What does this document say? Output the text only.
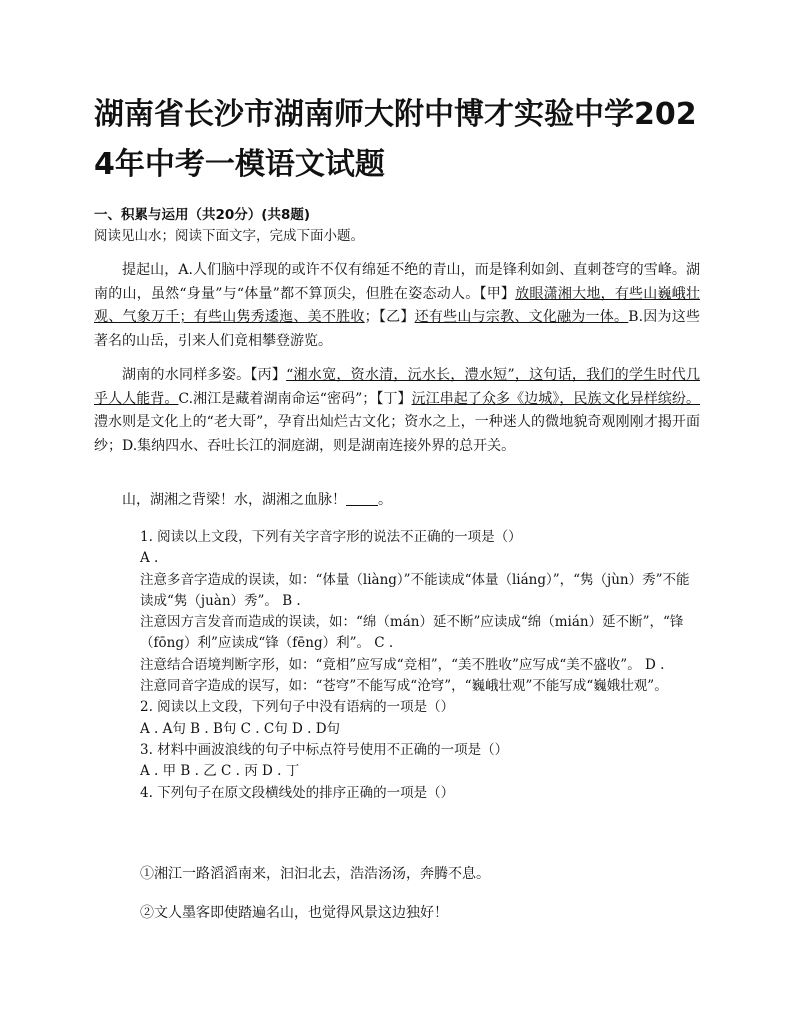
湖南省长沙市湖南师大附中博才实验中学2024年中考一模语文试题
一、积累与运用（共20分）(共8题)
阅读见山水；阅读下面文字，完成下面小题。

提起山，A.人们脑中浮现的或许不仅有绵延不绝的青山，而是锋利如剑、直刺苍穹的雪峰。湖南的山，虽然“身量”与“体量”都不算顶尖，但胜在姿态动人。【甲】放眼潇湘大地，有些山巍峨壮观、气象万千；有些山隽秀逶迤、美不胜收；【乙】还有些山与宗教、文化融为一体。B.因为这些著名的山岳，引来人们竟相攀登游览。

湖南的水同样多姿。【丙】“湘水宽，资水清，沅水长，澧水短”，这句话，我们的学生时代几乎人人能背。C.湘江是藏着湖南命运“密码”；【丁】沅江串起了众多《边城》，民族文化异样缤纷。澧水则是文化上的“老大哥”，孕育出灿烂古文化；资水之上，一种迷人的微地貌奇观刚刚才揭开面纱；D.集纳四水、吞吐长江的洞庭湖，则是湖南连接外界的总开关。

山，湖湘之背梁！水，湖湘之血脉！ 。

1. 阅读以上文段，下列有关字音字形的说法不正确的一项是（）
A .
注意多音字造成的误读，如：“体量（liàng）”不能读成“体量（liáng）”，“隽（jùn）秀”不能读成“隽（juàn）秀”。 B .
注意因方言发音而造成的误读，如：“绵（mán）延不断”应读成“绵（mián）延不断”，“锋（fōng）利”应读成“锋（fēng）利”。 C .
注意结合语境判断字形，如：“竟相”应写成“竞相”，“美不胜收”应写成“美不盛收”。 D .
注意同音字造成的误写，如：“苍穹”不能写成“沧穹”，“巍峨壮观”不能写成“巍娥壮观”。
2. 阅读以上文段，下列句子中没有语病的一项是（）
A . A句 B . B句 C . C句 D . D句
3. 材料中画波浪线的句子中标点符号使用不正确的一项是（）
A . 甲 B . 乙 C . 丙 D . 丁
4. 下列句子在原文段横线处的排序正确的一项是（）
①湘江一路滔滔南来，汩汩北去，浩浩汤汤，奔腾不息。
②文人墨客即使踏遍名山，也觉得风景这边独好！
